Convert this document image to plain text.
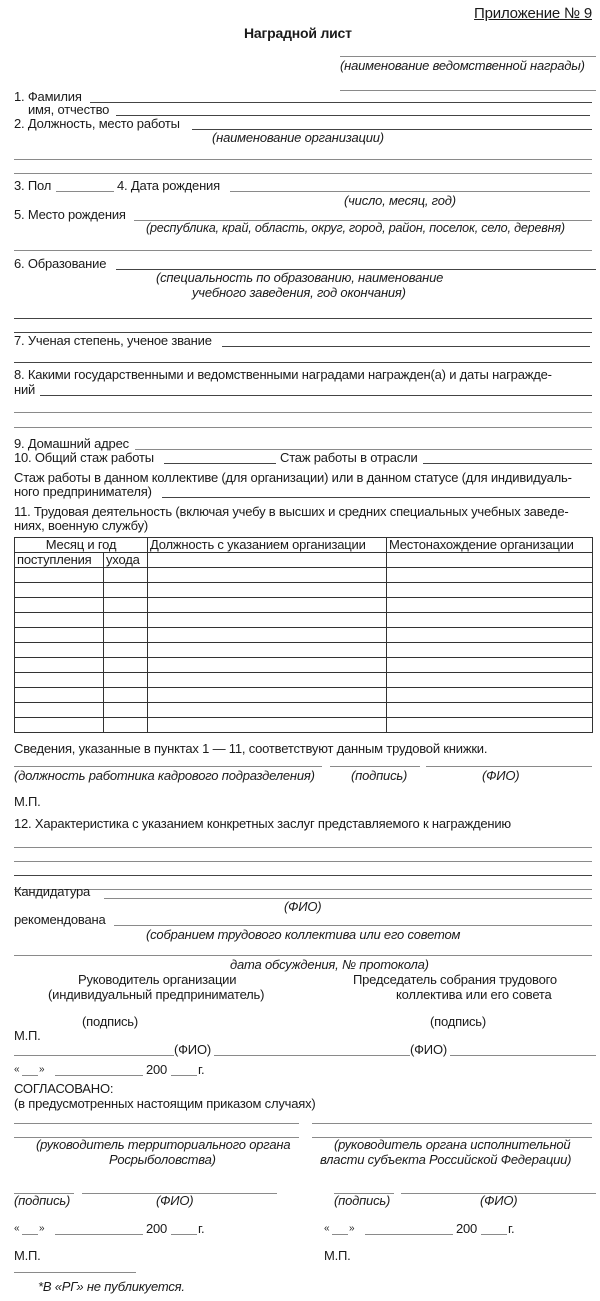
Приложение № 9
Наградной лист
(наименование ведомственной награды)
1. Фамилия
имя, отчество
2. Должность, место работы
(наименование организации)
3. Пол	4. Дата рождения
(число, месяц, год)
5. Место рождения
(республика, край, область, округ, город, район, поселок, село, деревня)
6. Образование
(специальность по образованию, наименование
учебного заведения, год окончания)
7. Ученая степень, ученое звание
8. Какими государственными и ведомственными наградами награжден(а) и даты награжде-
ний
9. Домашний адрес
10. Общий стаж работы	Стаж работы в отрасли
Стаж работы в данном коллективе (для организации) или в данном статусе (для индивидуаль-
ного предпринимателя)
11. Трудовая деятельность (включая учебу в высших и средних специальных учебных заведе-
ниях, военную службу)
Месяц и год		Должность с указанием организации	Местонахождение организации
поступления	ухода		

Сведения, указанные в пунктах 1 — 11, соответствуют данным трудовой книжки.
(должность работника кадрового подразделения)	(подпись)	(ФИО)
М.П.
12. Характеристика с указанием конкретных заслуг представляемого к награждению
Кандидатура
(ФИО)
рекомендована
(собранием трудового коллектива или его советом
дата обсуждения, № протокола)
Руководитель организации
(индивидуальный предприниматель)
Председатель собрания трудового
коллектива или его совета
(подпись)	(подпись)
М.П.
(ФИО)	(ФИО)
« »	200 г.
СОГЛАСОВАНО:
(в предусмотренных настоящим приказом случаях)
(руководитель территориального органа
Росрыболовства)
(руководитель органа исполнительной
власти субъекта Российской Федерации)
(подпись)	(ФИО)	(подпись)	(ФИО)
« »	200 г.	« »	200 г.
М.П.	М.П.
*В «РГ» не публикуется.
